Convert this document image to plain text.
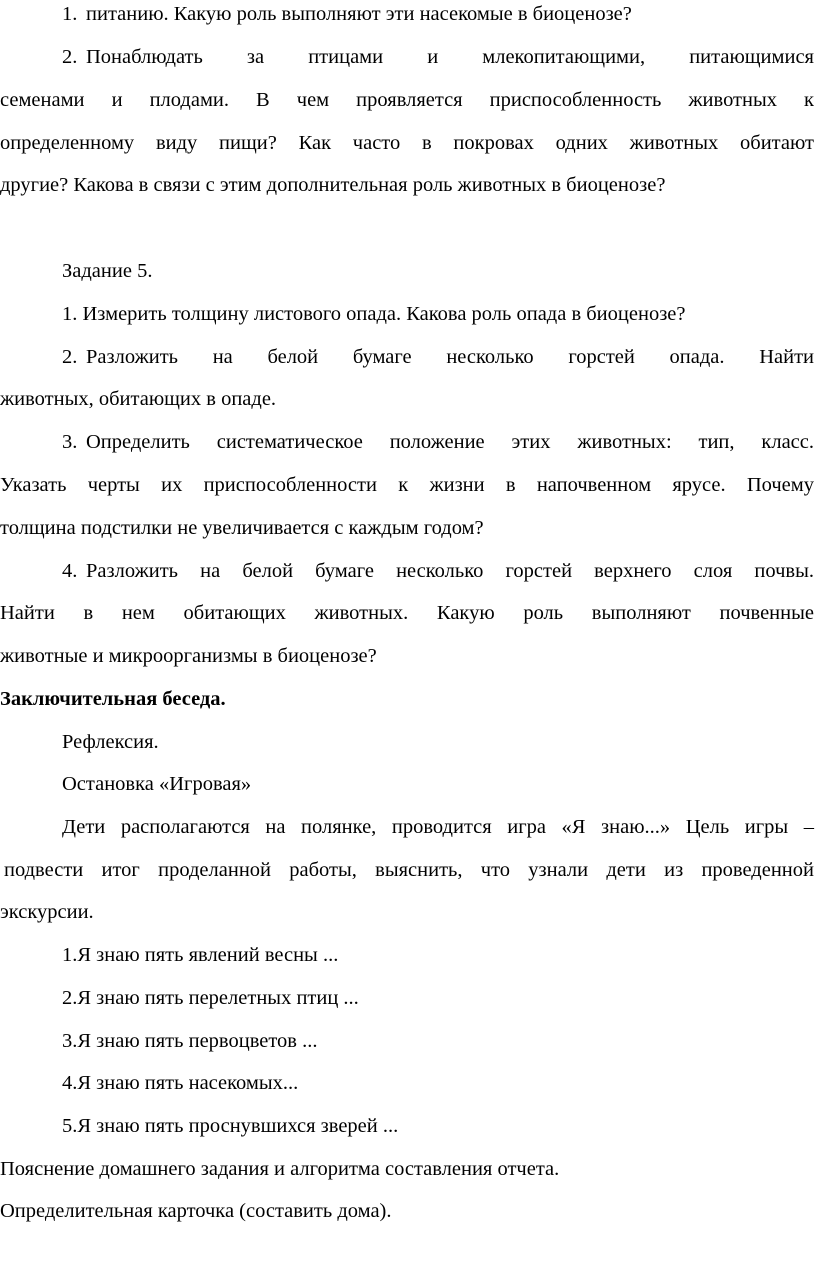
1. питанию. Какую роль выполняют эти насекомые в биоценозе?
2. Понаблюдать за птицами и млекопитающими, питающимися
семенами и плодами. В чем проявляется приспособленность животных к
определенному виду пищи? Как часто в покровах одних животных обитают
другие? Какова в связи с этим дополнительная роль животных в биоценозе?
Задание 5.
1. Измерить толщину листового опада. Какова роль опада в биоценозе?
2. Разложить на белой бумаге несколько горстей опада. Найти
животных, обитающих в опаде.
3. Определить систематическое положение этих животных: тип, класс.
Указать черты их приспособленности к жизни в напочвенном ярусе. Почему
толщина подстилки не увеличивается с каждым годом?
4. Разложить на белой бумаге несколько горстей верхнего слоя почвы.
Найти в нем обитающих животных. Какую роль выполняют почвенные
животные и микроорганизмы в биоценозе?
Заключительная беседа.
Рефлексия.
Остановка «Игровая»
Дети располагаются на полянке, проводится игра «Я знаю...» Цель игры –
подвести итог проделанной работы, выяснить, что узнали дети из проведенной
экскурсии.
1.Я знаю пять явлений весны ...
2.Я знаю пять перелетных птиц ...
3.Я знаю пять первоцветов ...
4.Я знаю пять насекомых...
5.Я знаю пять проснувшихся зверей ...
Пояснение домашнего задания и алгоритма составления отчета.
Определительная карточка (составить дома).
